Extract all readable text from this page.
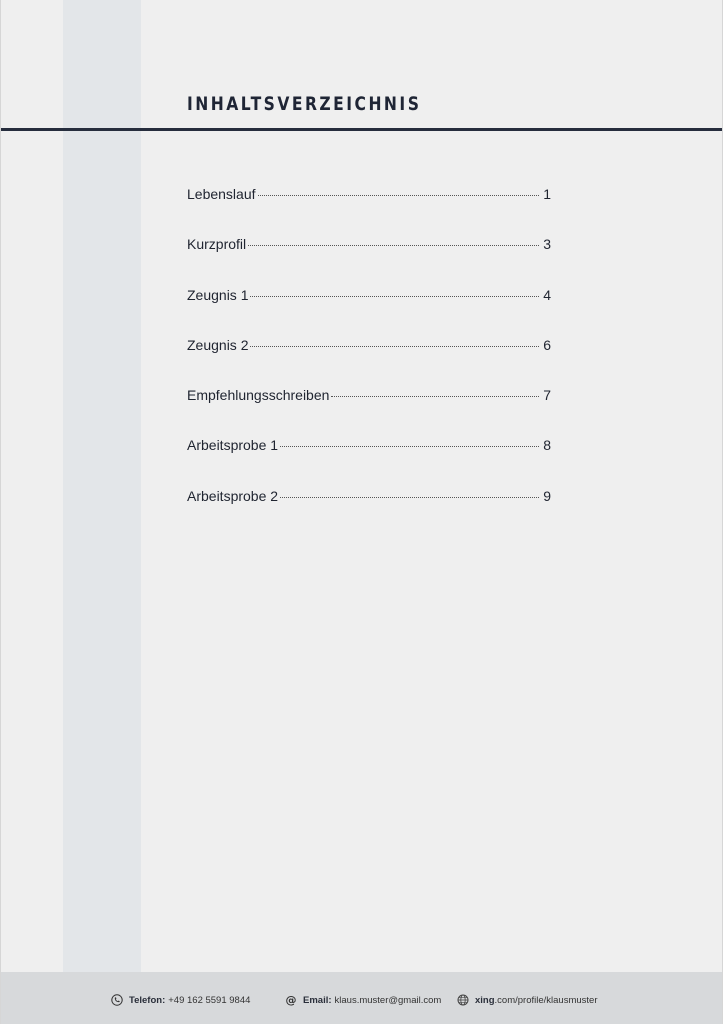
INHALTSVERZEICHNIS
Lebenslauf	1
Kurzprofil	3
Zeugnis 1	4
Zeugnis 2	6
Empfehlungsschreiben	7
Arbeitsprobe 1	8
Arbeitsprobe 2	9
Telefon: +49 162 5591 9844	@ Email: klaus.muster@gmail.com	xing .com/profile/klausmuster
